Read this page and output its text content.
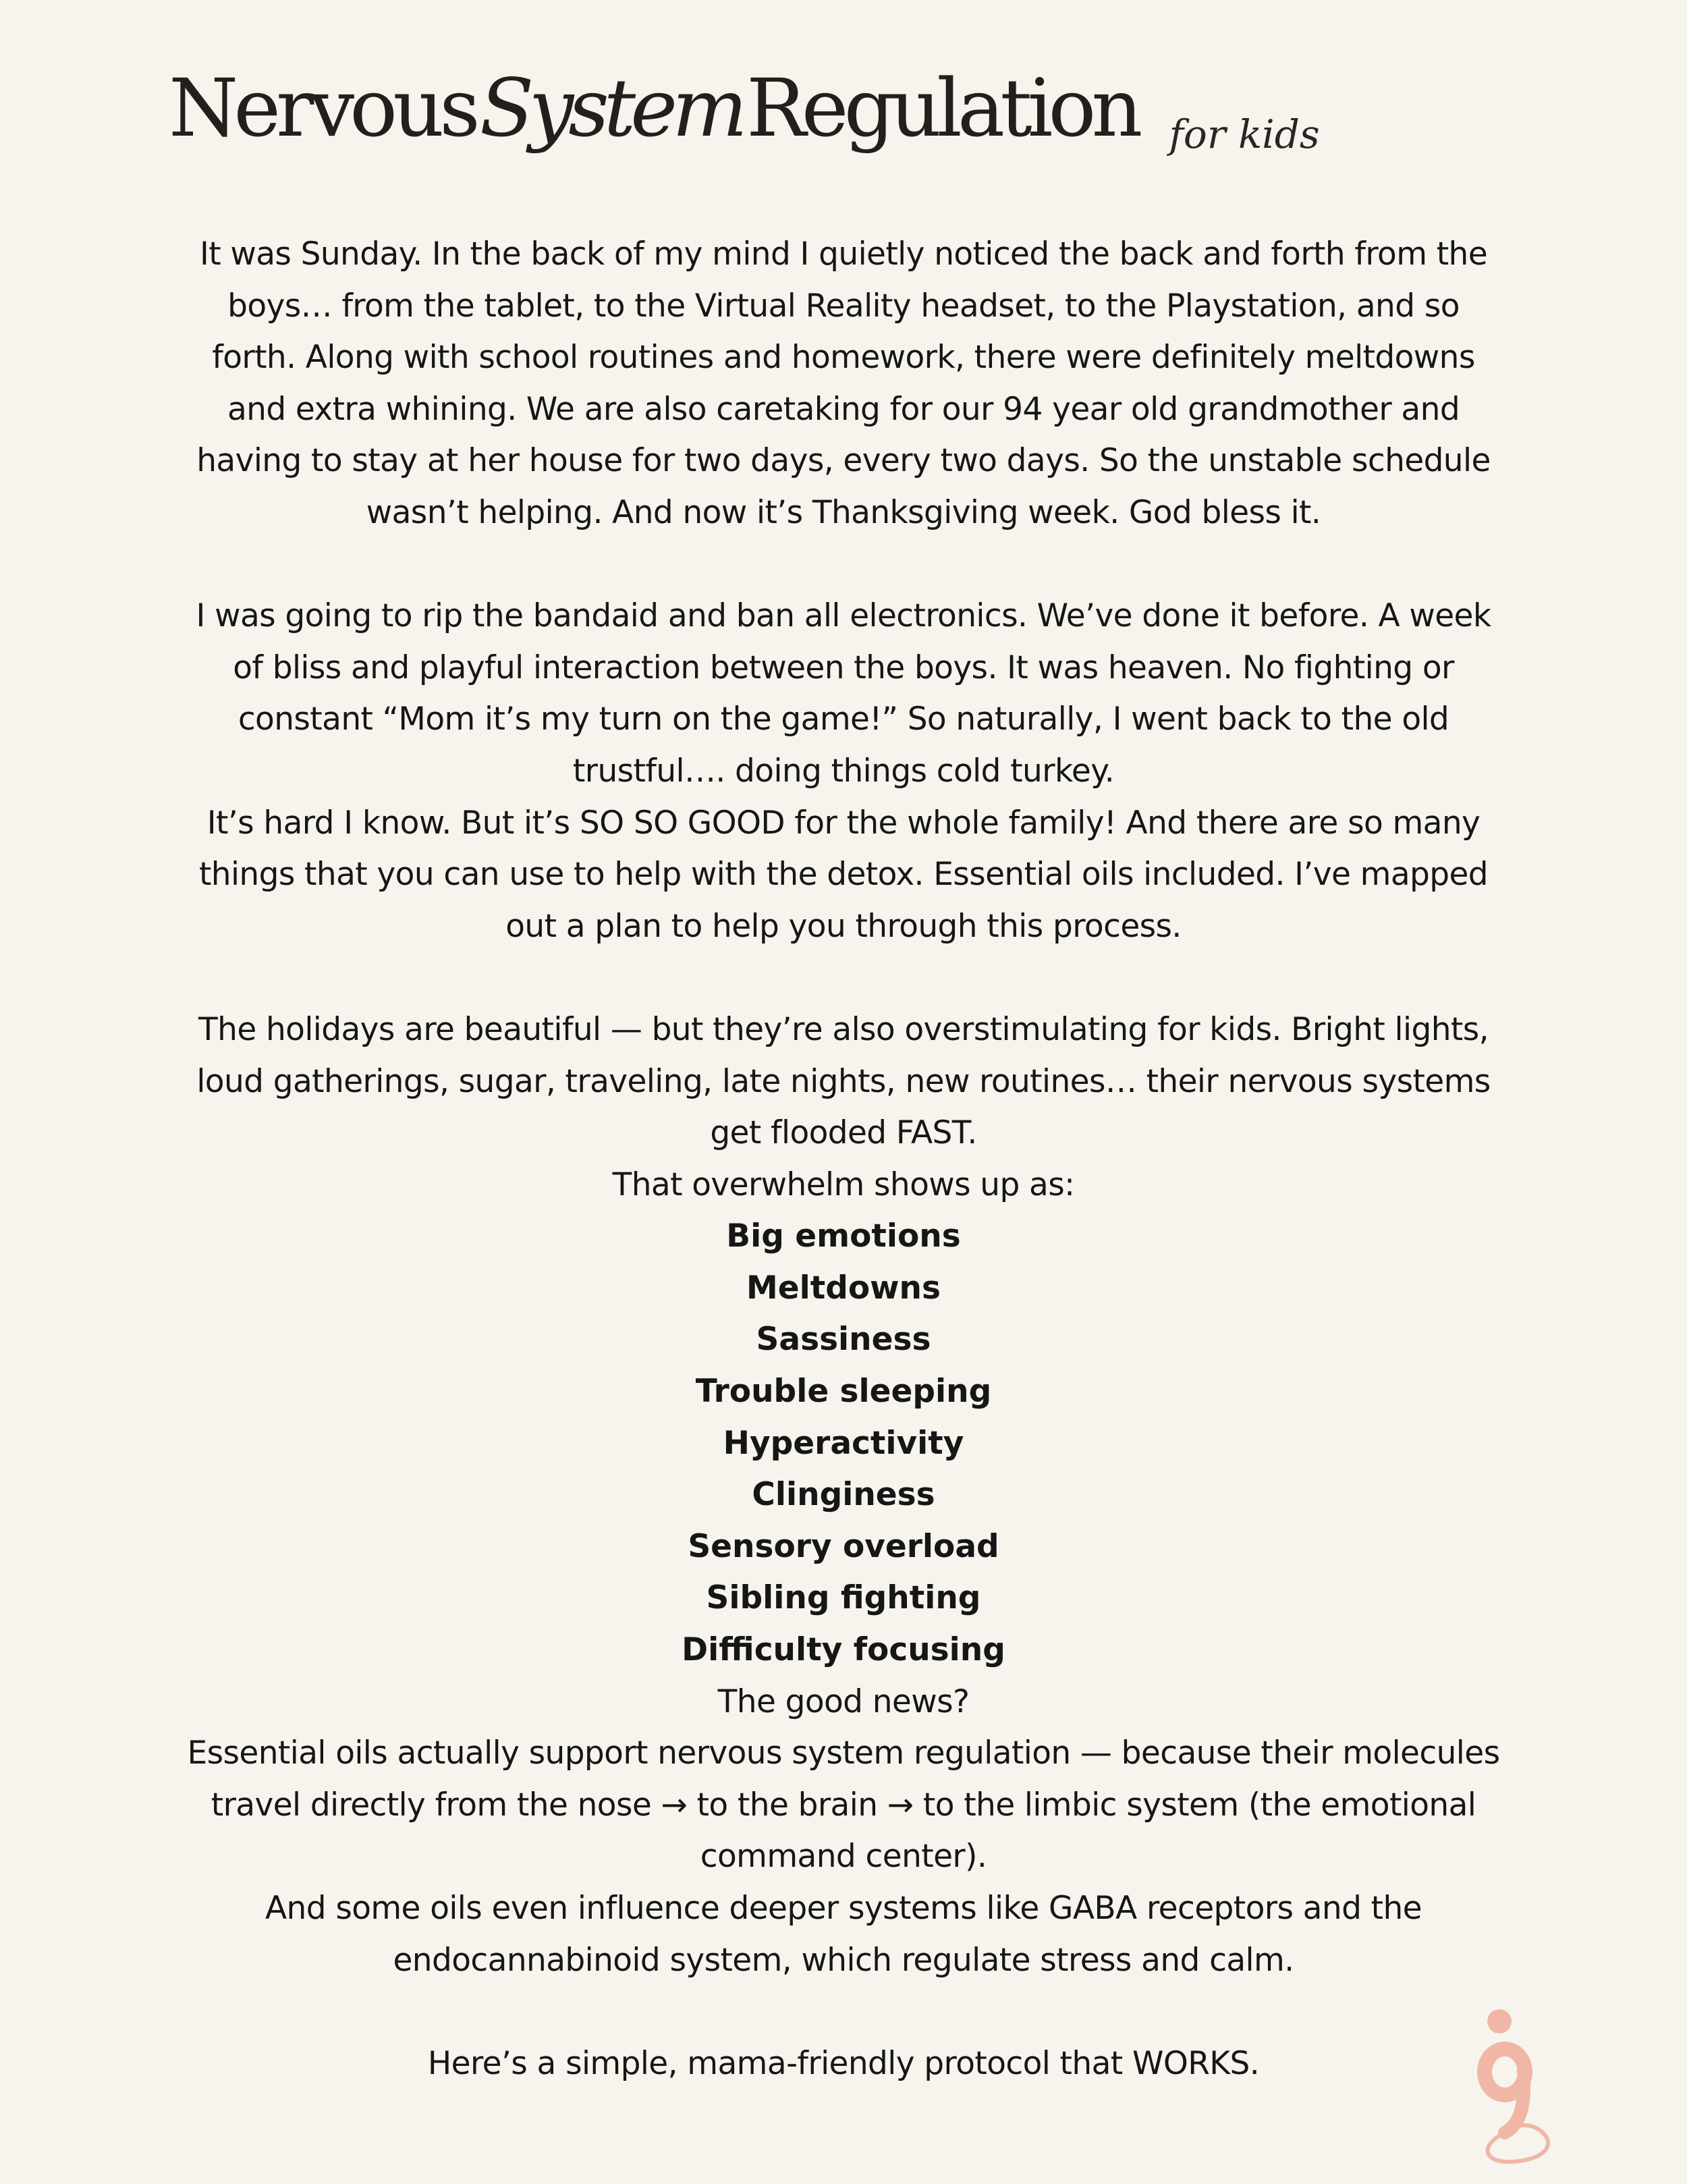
NervousSystemRegulation for kids

It was Sunday. In the back of my mind I quietly noticed the back and forth from the boys… from the tablet, to the Virtual Reality headset, to the Playstation, and so forth. Along with school routines and homework, there were definitely meltdowns and extra whining. We are also caretaking for our 94 year old grandmother and having to stay at her house for two days, every two days. So the unstable schedule wasn’t helping. And now it’s Thanksgiving week. God bless it.

I was going to rip the bandaid and ban all electronics. We’ve done it before. A week of bliss and playful interaction between the boys. It was heaven. No fighting or constant “Mom it’s my turn on the game!” So naturally, I went back to the old trustful…. doing things cold turkey.

It’s hard I know. But it’s SO SO GOOD for the whole family! And there are so many things that you can use to help with the detox. Essential oils included. I’ve mapped out a plan to help you through this process.

The holidays are beautiful — but they’re also overstimulating for kids. Bright lights, loud gatherings, sugar, traveling, late nights, new routines… their nervous systems get flooded FAST.

That overwhelm shows up as:

Big emotions

Meltdowns

Sassiness

Trouble sleeping

Hyperactivity

Clinginess

Sensory overload

Sibling fighting

Difficulty focusing

The good news?

Essential oils actually support nervous system regulation — because their molecules travel directly from the nose → to the brain → to the limbic system (the emotional command center).

And some oils even influence deeper systems like GABA receptors and the endocannabinoid system, which regulate stress and calm.

Here’s a simple, mama-friendly protocol that WORKS.
